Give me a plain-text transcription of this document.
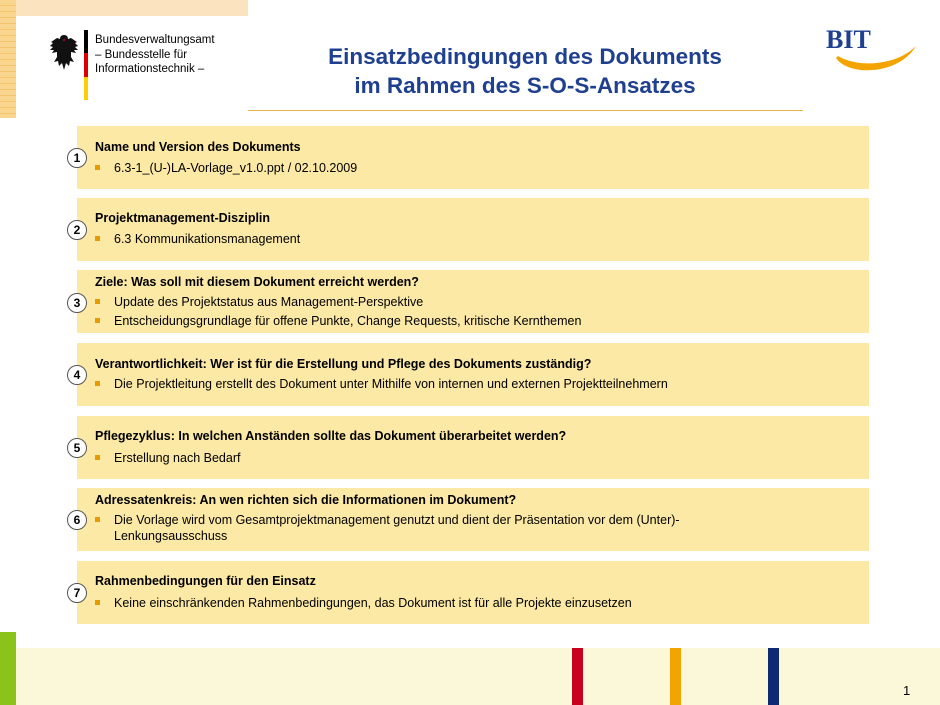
Bundesverwaltungsamt
– Bundesstelle für
Informationstechnik –
BIT
Einsatzbedingungen des Dokuments
im Rahmen des S-O-S-Ansatzes
Name und Version des Dokuments
6.3-1_(U-)LA-Vorlage_v1.0.ppt / 02.10.2009
1
Projektmanagement-Disziplin
6.3 Kommunikationsmanagement
2
Ziele: Was soll mit diesem Dokument erreicht werden?
Update des Projektstatus aus Management-Perspektive
Entscheidungsgrundlage für offene Punkte, Change Requests, kritische Kernthemen
3
Verantwortlichkeit: Wer ist für die Erstellung und Pflege des Dokuments zuständig?
Die Projektleitung erstellt des Dokument unter Mithilfe von internen und externen Projektteilnehmern
4
Pflegezyklus: In welchen Anständen sollte das Dokument überarbeitet werden?
Erstellung nach Bedarf
5
Adressatenkreis: An wen richten sich die Informationen im Dokument?
Die Vorlage wird vom Gesamtprojektmanagement genutzt und dient der Präsentation vor dem (Unter)-Lenkungsausschuss
6
Rahmenbedingungen für den Einsatz
Keine einschränkenden Rahmenbedingungen, das Dokument ist für alle Projekte einzusetzen
7
1
